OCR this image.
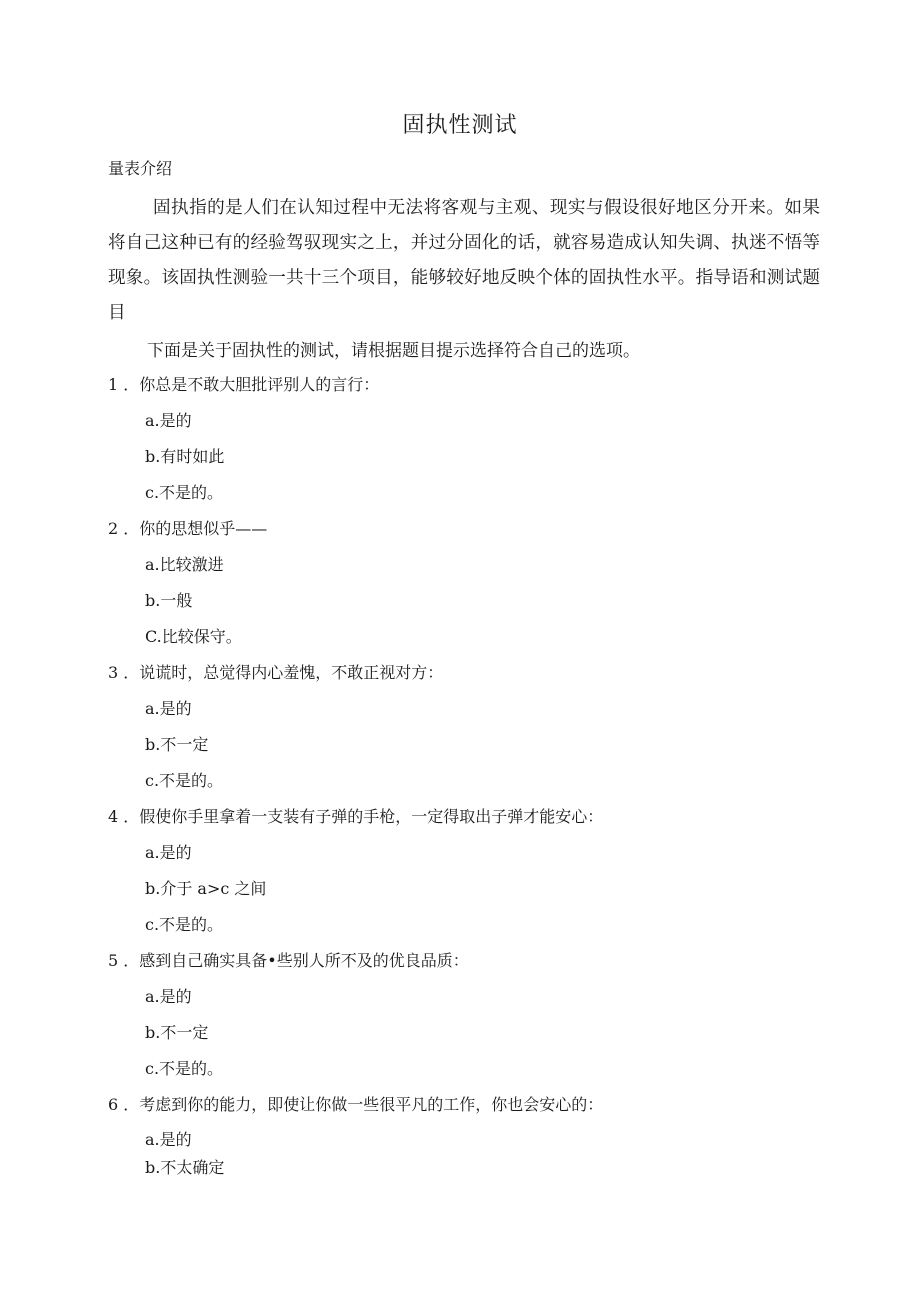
固执性测试
量表介绍
固执指的是人们在认知过程中无法将客观与主观、现实与假设很好地区分开来。如果将自己这种已有的经验驾驭现实之上，并过分固化的话，就容易造成认知失调、执迷不悟等现象。该固执性测验一共十三个项目，能够较好地反映个体的固执性水平。指导语和测试题目
下面是关于固执性的测试，请根据题目提示选择符合自己的选项。
1 ．你总是不敢大胆批评别人的言行：
a.是的
b.有时如此
c.不是的。
2 ．你的思想似乎——
a.比较激进
b.一般
C.比较保守。
3 ．说谎时，总觉得内心羞愧，不敢正视对方：
a.是的
b.不一定
c.不是的。
4 ．假使你手里拿着一支装有子弹的手枪，一定得取出子弹才能安心：
a.是的
b.介于 a>c 之间
c.不是的。
5 ．感到自己确实具备•些别人所不及的优良品质：
a.是的
b.不一定
c.不是的。
6 ．考虑到你的能力，即使让你做一些很平凡的工作，你也会安心的：
a.是的
b.不太确定
